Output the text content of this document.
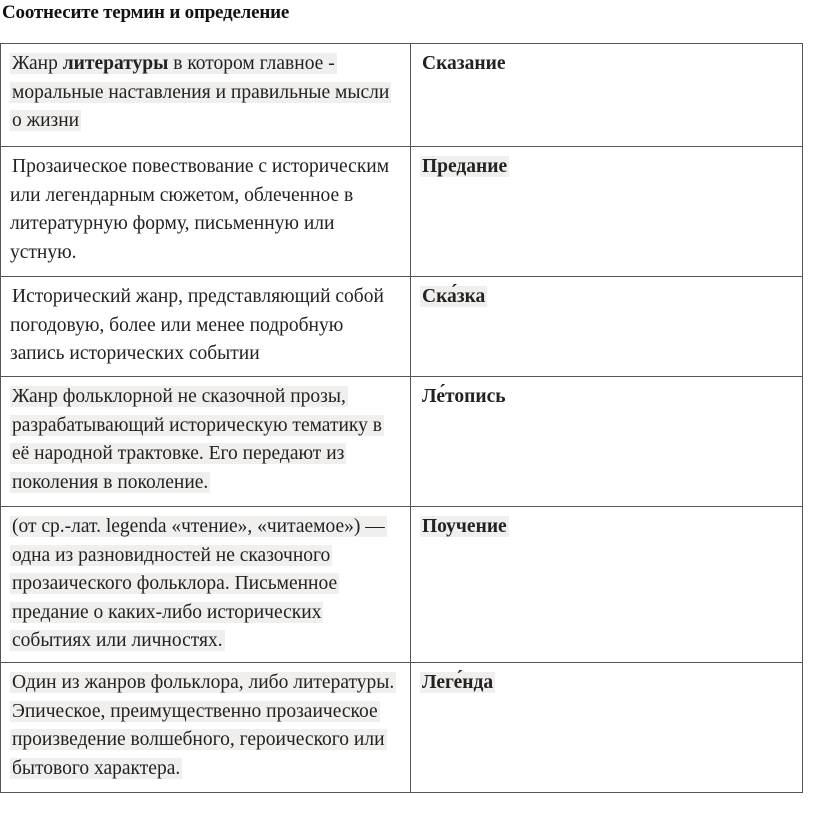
Соотнесите термин и определение
Жанр литературы в котором главное - моральные наставления и правильные мысли о жизни	Сказание
Прозаическое повествование с историческим или легендарным сюжетом, облеченное в литературную форму, письменную или устную.	Предание
Исторический жанр, представляющий собой погодовую, более или менее подробную запись исторических событии	Ска́зка
Жанр фольклорной не сказочной прозы, разрабатывающий историческую тематику в её народной трактовке. Его передают из поколения в поколение.	Ле́топись
(от ср.-лат. legenda «чтение», «читаемое») — одна из разновидностей не сказочного прозаического фольклора. Письменное предание о каких-либо исторических событиях или личностях.	Поучение
Один из жанров фольклора, либо литературы. Эпическое, преимущественно прозаическое произведение волшебного, героического или бытового характера.	Леге́нда
